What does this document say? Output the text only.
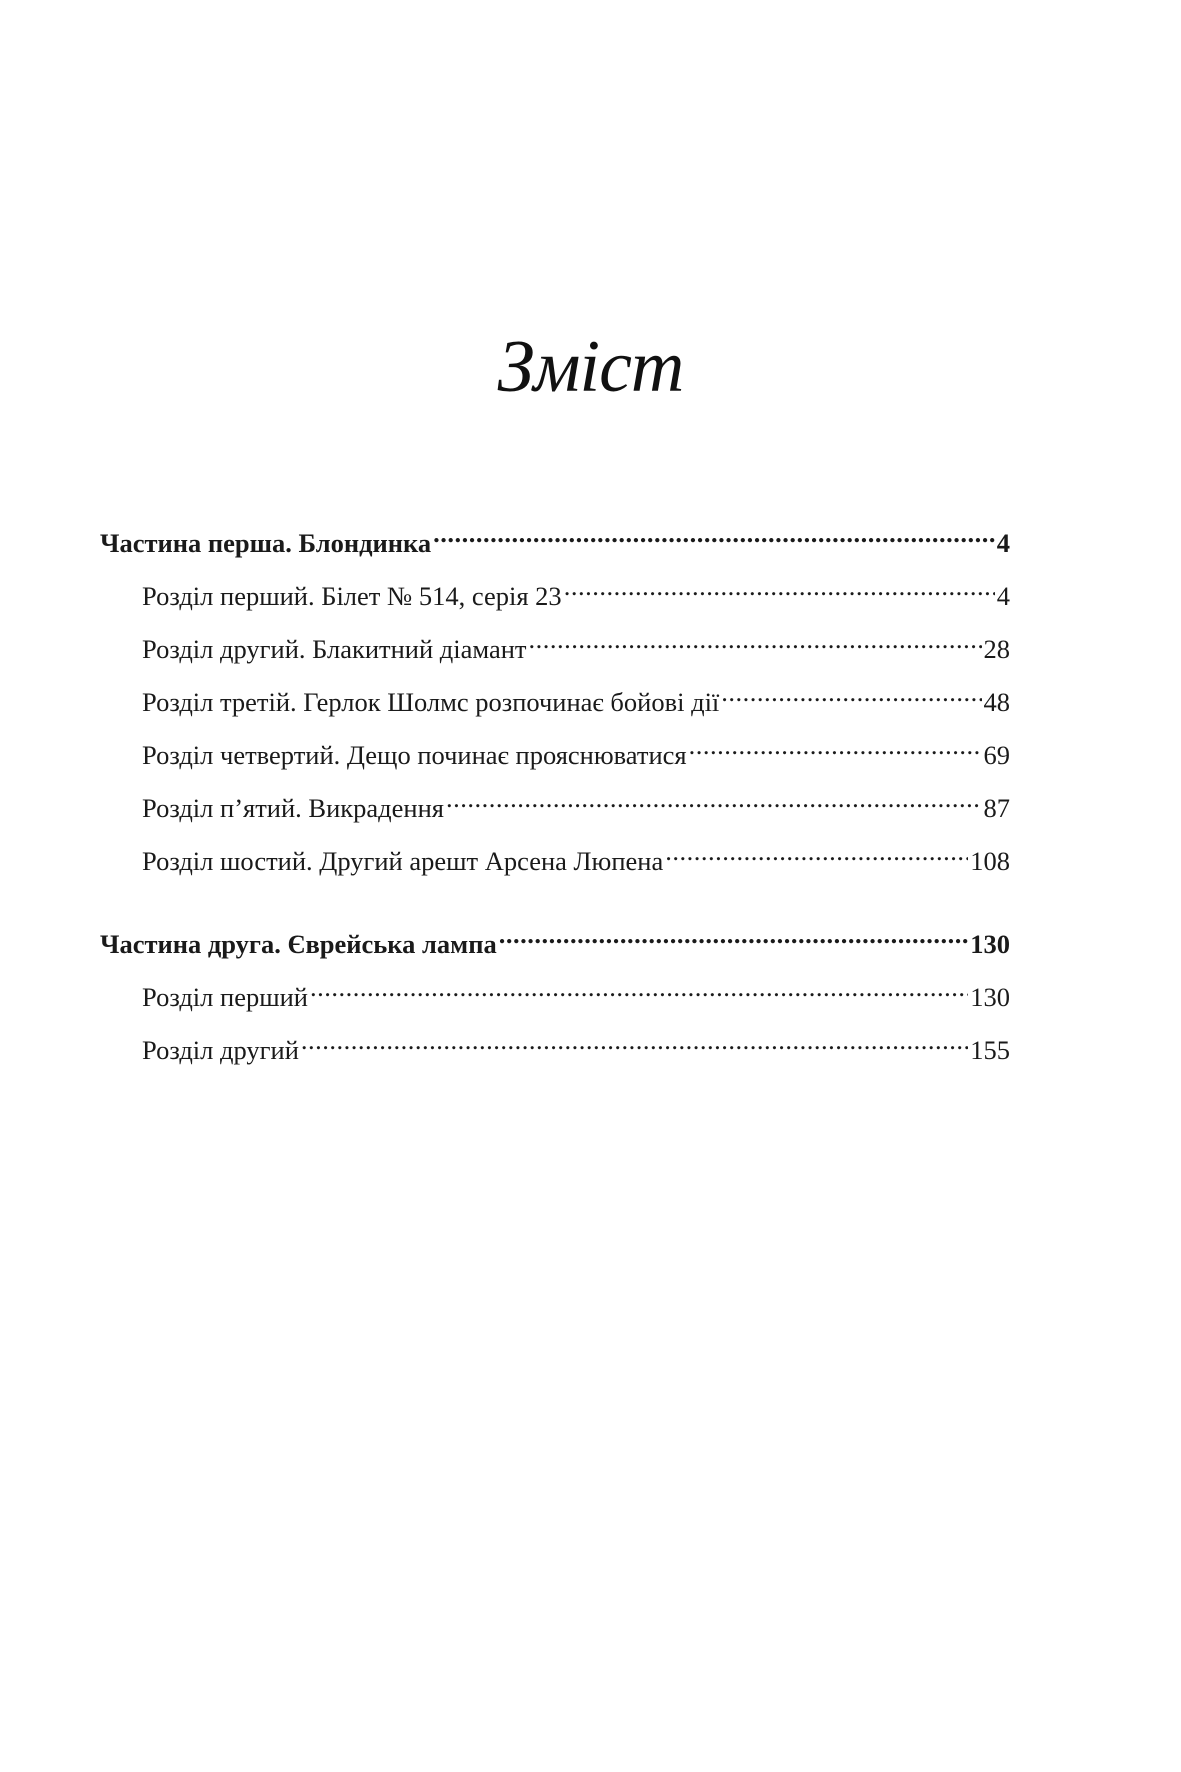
Зміст
Частина перша. Блондинка .....	4
Розділ перший. Білет № 514, серія 23 .....	4
Розділ другий. Блакитний діамант .....	28
Розділ третій. Герлок Шолмс розпочинає бойові дії .....	48
Розділ четвертий. Дещо починає прояснюватися .....	69
Розділ п’ятий. Викрадення .....	87
Розділ шостий. Другий арешт Арсена Люпена .....	108
Частина друга. Єврейська лампа .....	130
Розділ перший .....	130
Розділ другий .....	155
